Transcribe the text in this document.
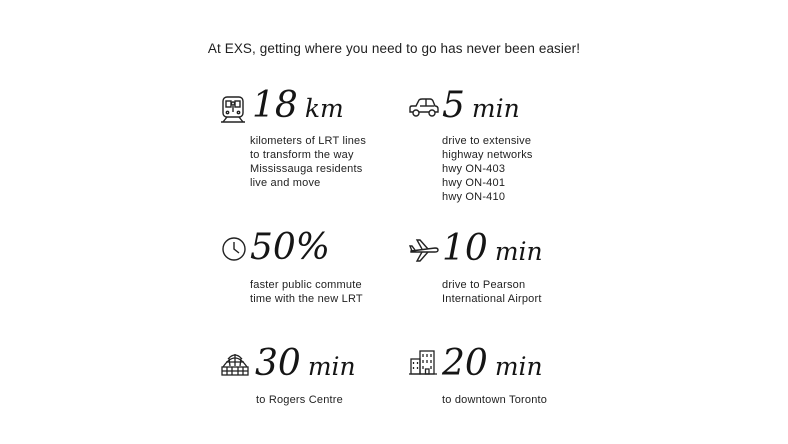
At EXS, getting where you need to go has never been easier!
18 km
kilometers of LRT lines
to transform the way
Mississauga residents
live and move
5 min
drive to extensive
highway networks
hwy ON-403
hwy ON-401
hwy ON-410
50%
faster public commute
time with the new LRT
10 min
drive to Pearson
International Airport
30 min
to Rogers Centre
20 min
to downtown Toronto
